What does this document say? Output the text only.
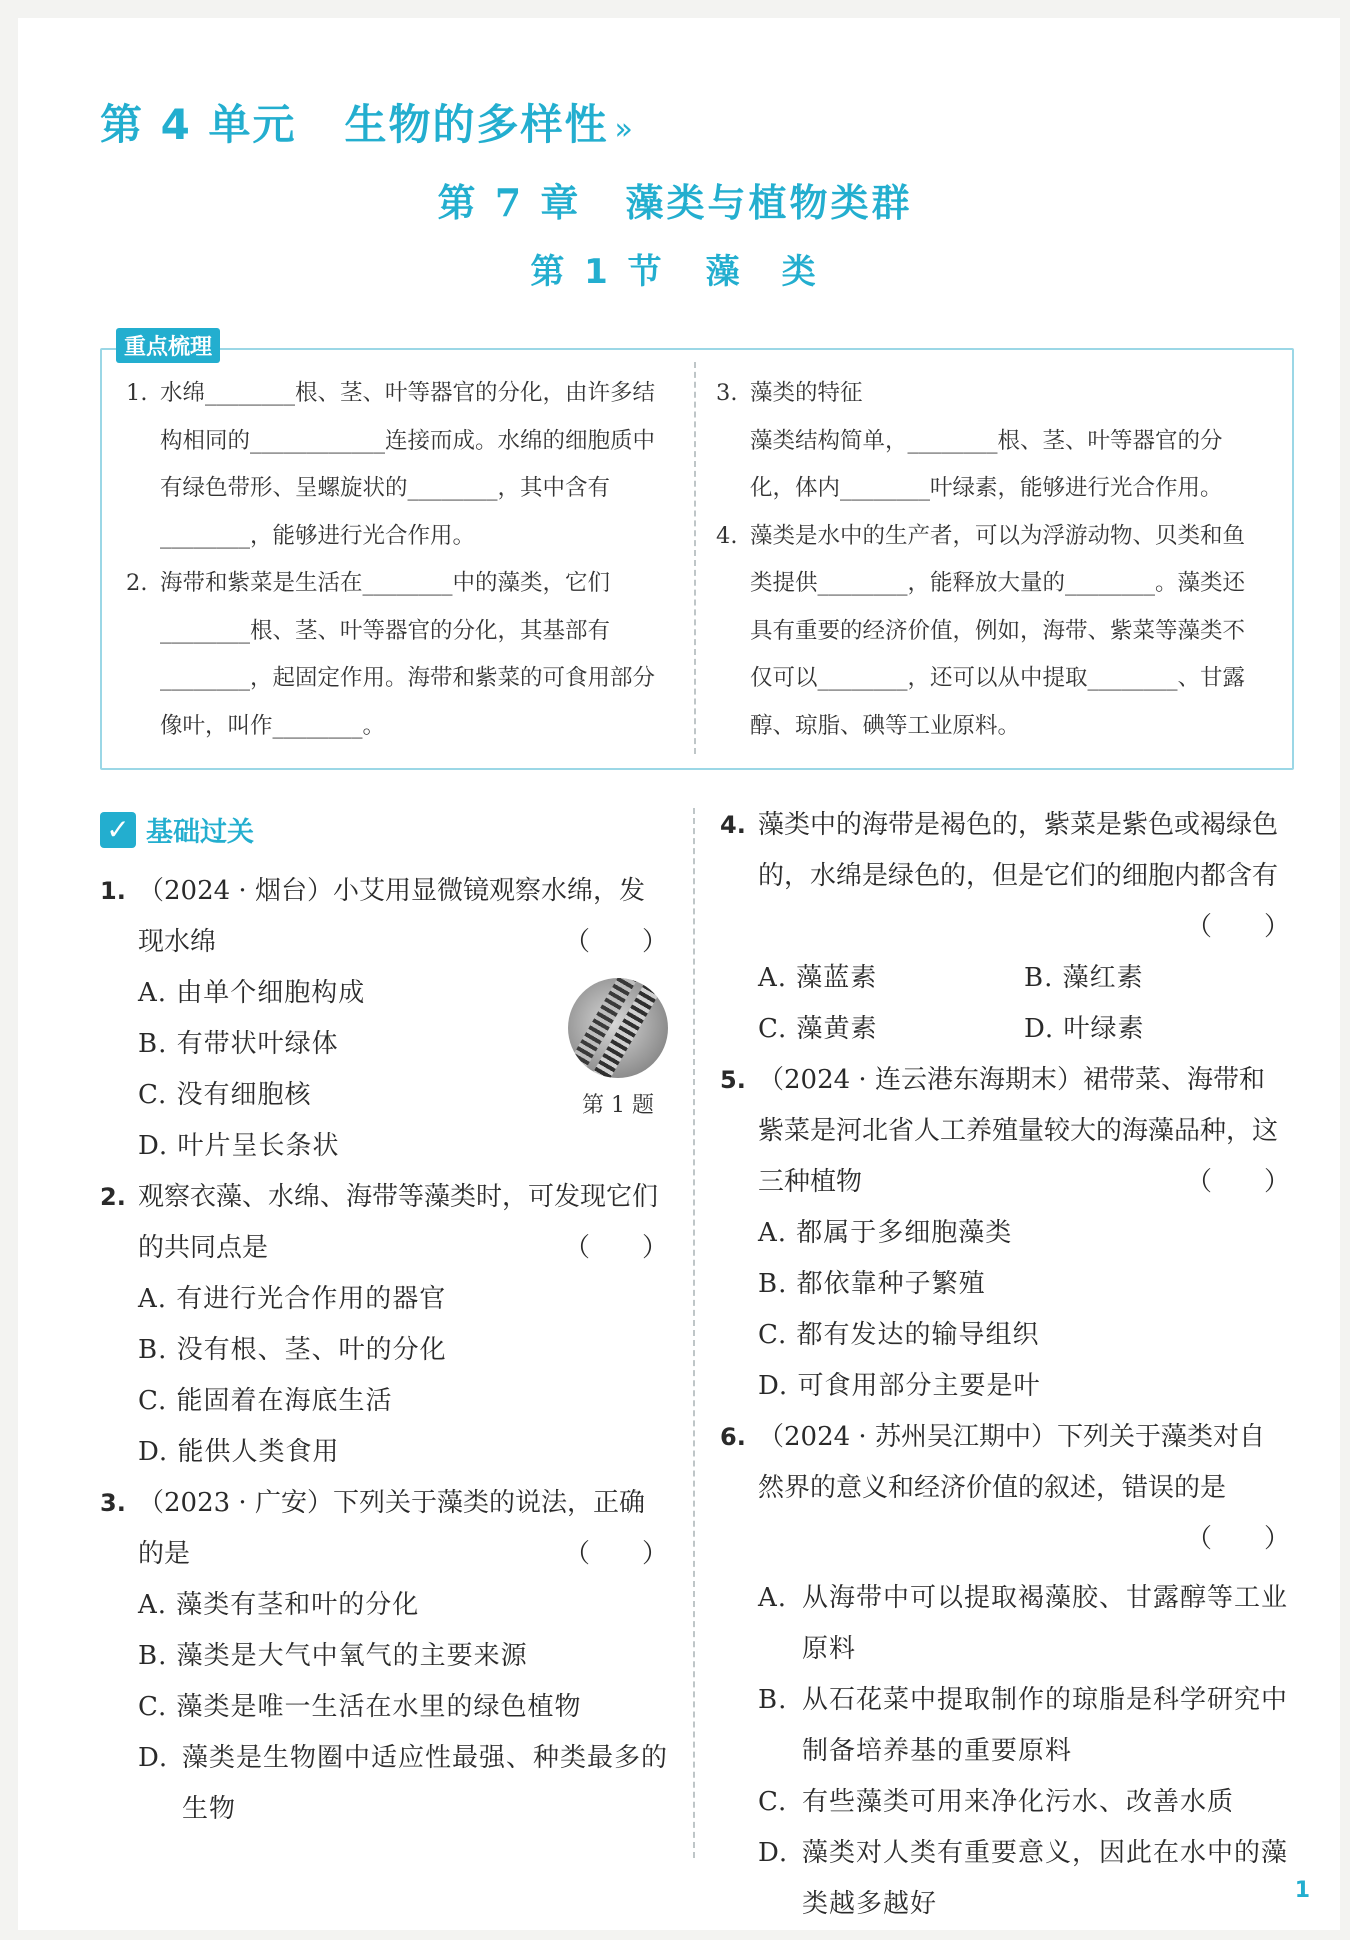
第 4 单元 生物的多样性 »
第 7 章 藻类与植物类群
第 1 节 藻　类
重点梳理
1. 水绵________根、茎、叶等器官的分化，由许多结构相同的____________连接而成。水绵的细胞质中有绿色带形、呈螺旋状的________，其中含有________，能够进行光合作用。
2. 海带和紫菜是生活在________中的藻类，它们________根、茎、叶等器官的分化，其基部有________，起固定作用。海带和紫菜的可食用部分像叶，叫作________。
3. 藻类的特征
藻类结构简单，________根、茎、叶等器官的分化，体内________叶绿素，能够进行光合作用。
4. 藻类是水中的生产者，可以为浮游动物、贝类和鱼类提供________，能释放大量的________。藻类还具有重要的经济价值，例如，海带、紫菜等藻类不仅可以________，还可以从中提取________、甘露醇、琼脂、碘等工业原料。
✓ 基础过关
1. （2024 · 烟台）小艾用显微镜观察水绵，发现水绵	（　　）
A. 由单个细胞构成
B. 有带状叶绿体
C. 没有细胞核
D. 叶片呈长条状
2. 观察衣藻、水绵、海带等藻类时，可发现它们的共同点是	（　　）
A. 有进行光合作用的器官
B. 没有根、茎、叶的分化
C. 能固着在海底生活
D. 能供人类食用
3. （2023 · 广安）下列关于藻类的说法，正确的是	（　　）
A. 藻类有茎和叶的分化
B. 藻类是大气中氧气的主要来源
C. 藻类是唯一生活在水里的绿色植物
D. 藻类是生物圈中适应性最强、种类最多的生物
第 1 题
4. 藻类中的海带是褐色的，紫菜是紫色或褐绿色的，水绵是绿色的，但是它们的细胞内都含有
（　　）
A. 藻蓝素	B. 藻红素
C. 藻黄素	D. 叶绿素
5. （2024 · 连云港东海期末）裙带菜、海带和紫菜是河北省人工养殖量较大的海藻品种，这三种植物	（　　）
A. 都属于多细胞藻类
B. 都依靠种子繁殖
C. 都有发达的输导组织
D. 可食用部分主要是叶
6. （2024 · 苏州吴江期中）下列关于藻类对自然界的意义和经济价值的叙述，错误的是
（　　）
A. 从海带中可以提取褐藻胶、甘露醇等工业原料
B. 从石花菜中提取制作的琼脂是科学研究中制备培养基的重要原料
C. 有些藻类可用来净化污水、改善水质
D. 藻类对人类有重要意义，因此在水中的藻类越多越好	1
